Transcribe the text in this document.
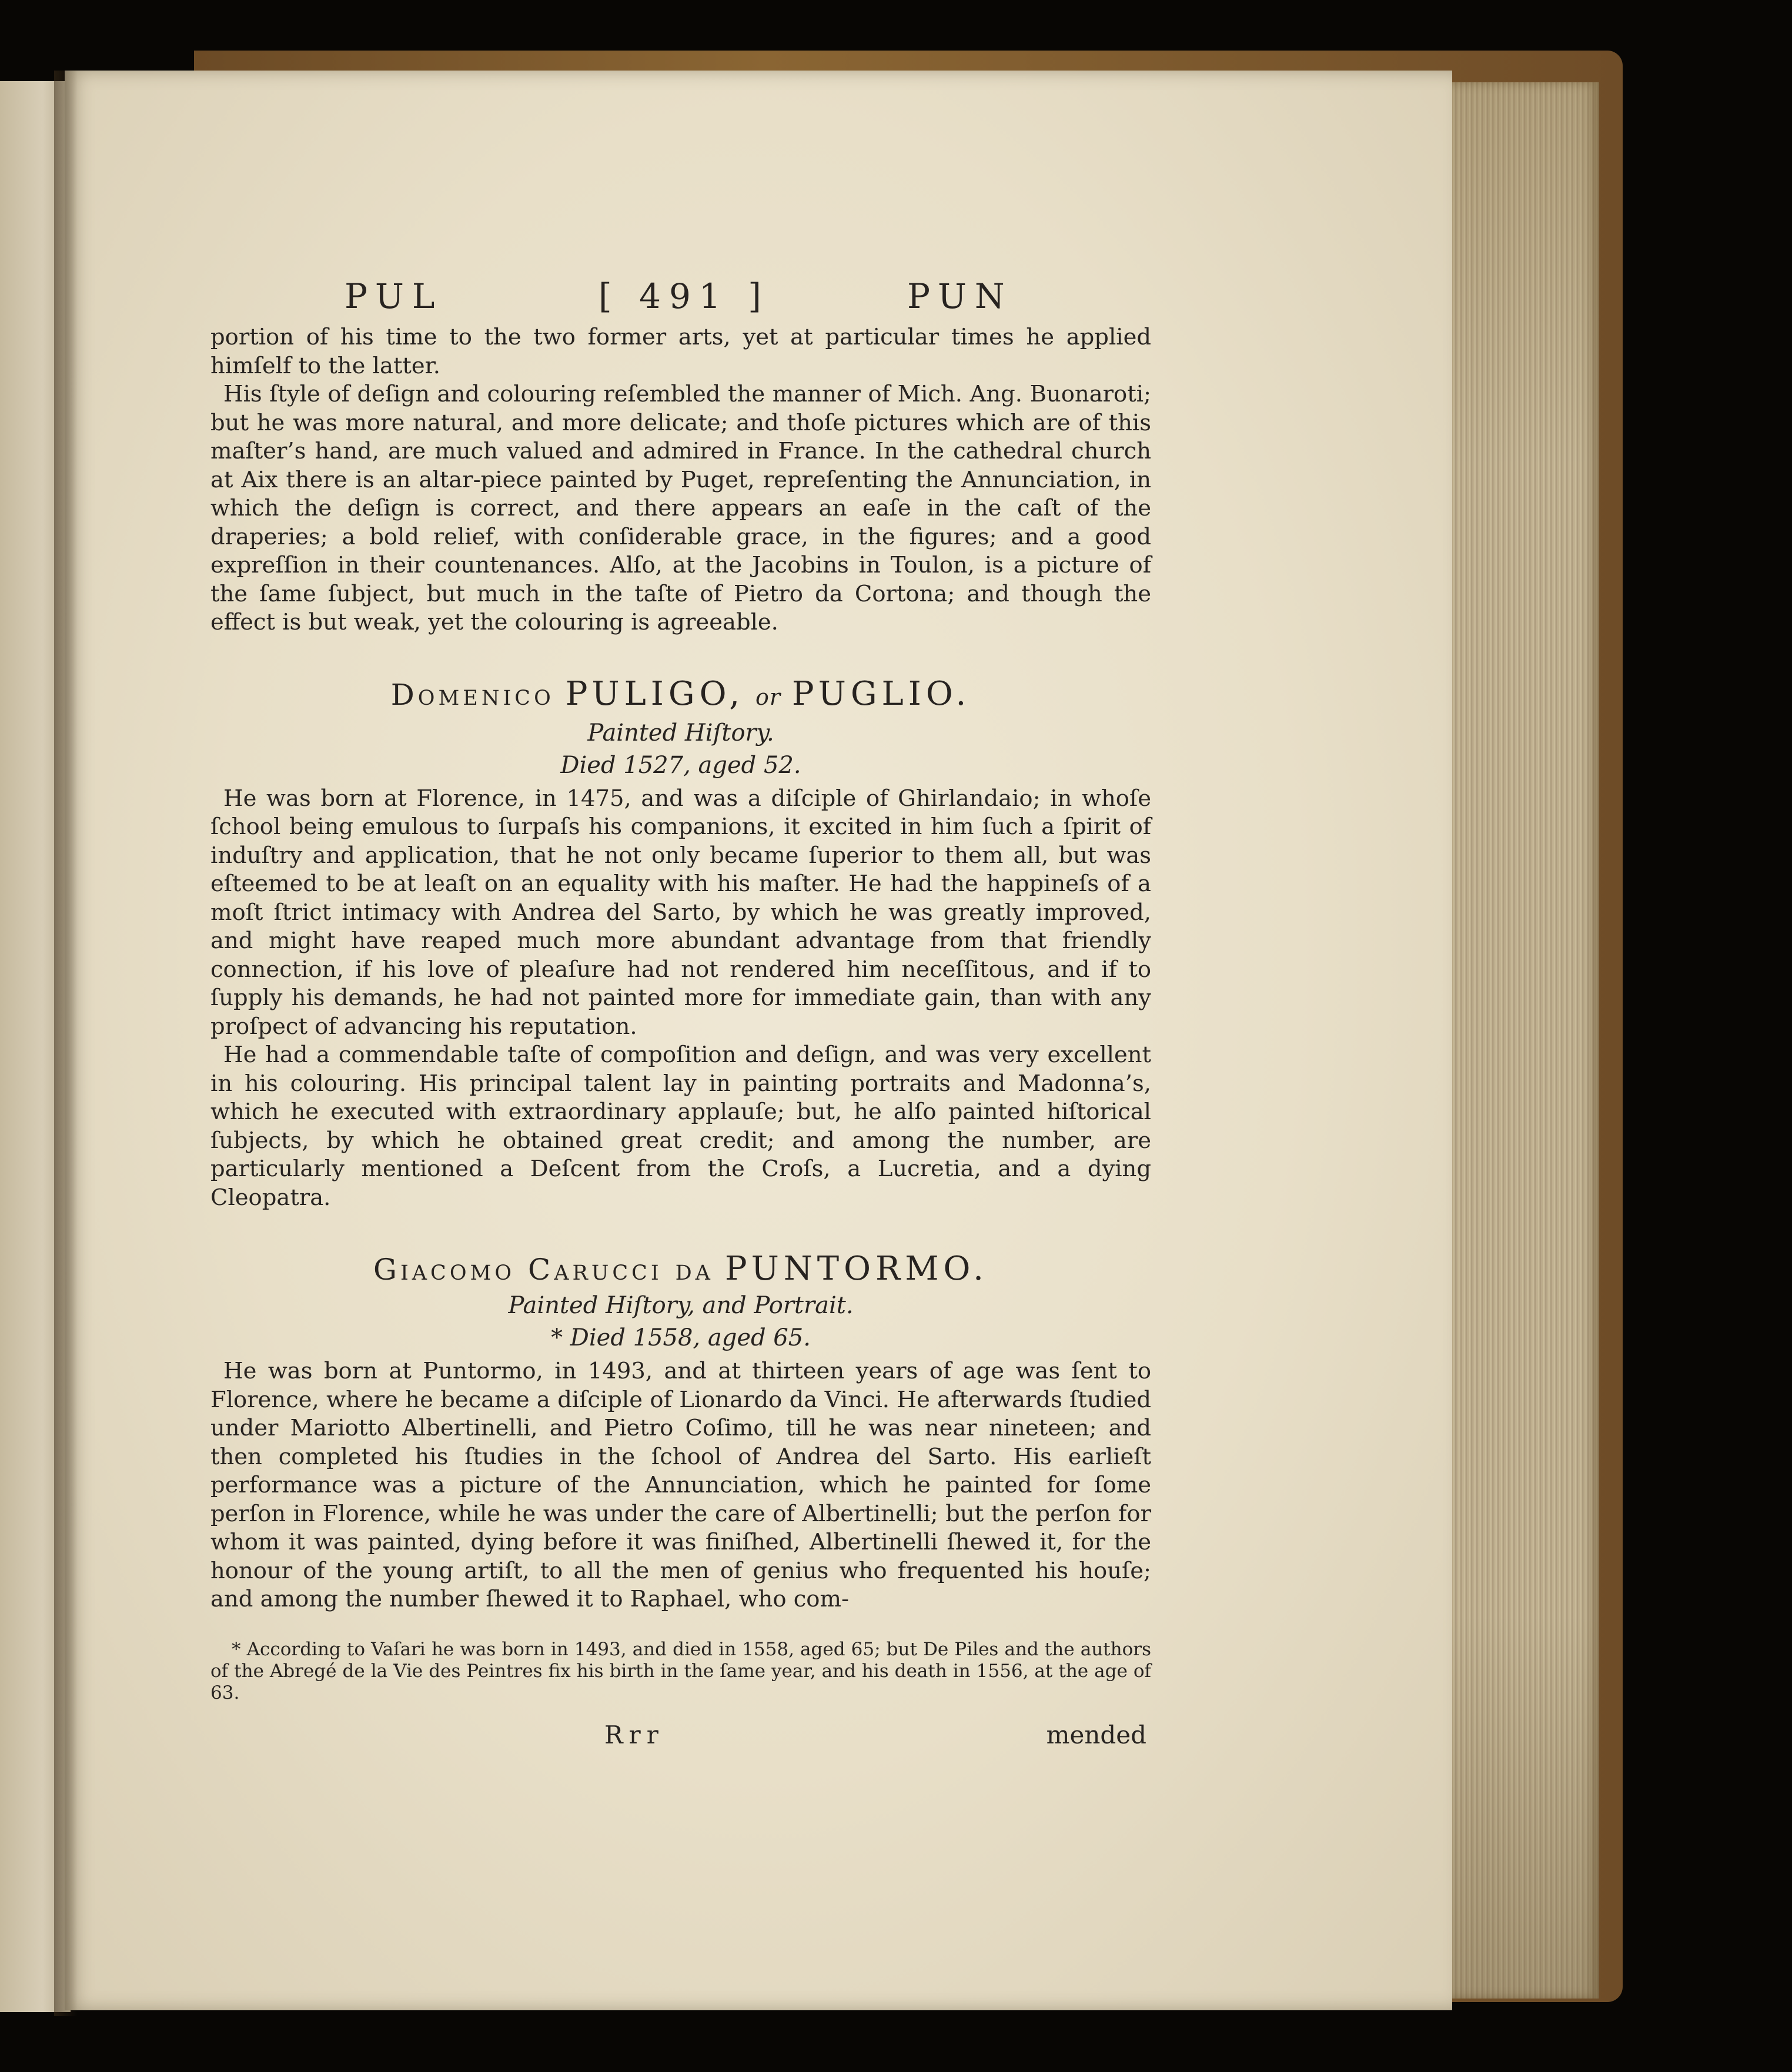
PUL	[ 491 ]	PUN

portion of his time to the two former arts, yet at particular times he applied himſelf to the latter.

His ſtyle of deſign and colouring reſembled the manner of Mich. Ang. Buonaroti; but he was more natural, and more delicate; and thoſe pictures which are of this maſter’s hand, are much valued and admired in France. In the cathedral church at Aix there is an altar-piece painted by Puget, repreſenting the Annunciation, in which the deſign is correct, and there appears an eaſe in the caſt of the draperies; a bold relief, with conſiderable grace, in the figures; and a good expreſſion in their countenances. Alſo, at the Jacobins in Toulon, is a picture of the ſame ſubject, but much in the taſte of Pietro da Cortona; and though the effect is but weak, yet the colouring is agreeable.

Domenico PULIGO, or PUGLIO.
Painted Hiſtory.
Died 1527, aged 52.

He was born at Florence, in 1475, and was a diſciple of Ghirlandaio; in whoſe ſchool being emulous to ſurpaſs his companions, it excited in him ſuch a ſpirit of induſtry and application, that he not only became ſuperior to them all, but was eſteemed to be at leaſt on an equality with his maſter. He had the happineſs of a moſt ſtrict intimacy with Andrea del Sarto, by which he was greatly improved, and might have reaped much more abundant advantage from that friendly connection, if his love of pleaſure had not rendered him neceſſitous, and if to ſupply his demands, he had not painted more for immediate gain, than with any proſpect of advancing his reputation.

He had a commendable taſte of compoſition and deſign, and was very excellent in his colouring. His principal talent lay in painting portraits and Madonna’s, which he executed with extraordinary applauſe; but, he alſo painted hiſtorical ſubjects, by which he obtained great credit; and among the number, are particularly mentioned a Deſcent from the Croſs, a Lucretia, and a dying Cleopatra.

Giacomo Carucci da PUNTORMO.
Painted Hiſtory, and Portrait.
* Died 1558, aged 65.

He was born at Puntormo, in 1493, and at thirteen years of age was ſent to Florence, where he became a diſciple of Lionardo da Vinci. He afterwards ſtudied under Mariotto Albertinelli, and Pietro Coſimo, till he was near nineteen; and then completed his ſtudies in the ſchool of Andrea del Sarto. His earlieſt performance was a picture of the Annunciation, which he painted for ſome perſon in Florence, while he was under the care of Albertinelli; but the perſon for whom it was painted, dying before it was finiſhed, Albertinelli ſhewed it, for the honour of the young artiſt, to all the men of genius who frequented his houſe; and among the number ſhewed it to Raphael, who com-

* According to Vaſari he was born in 1493, and died in 1558, aged 65; but De Piles and the authors of the Abregé de la Vie des Peintres fix his birth in the ſame year, and his death in 1556, at the age of 63.
Rrr	mended
